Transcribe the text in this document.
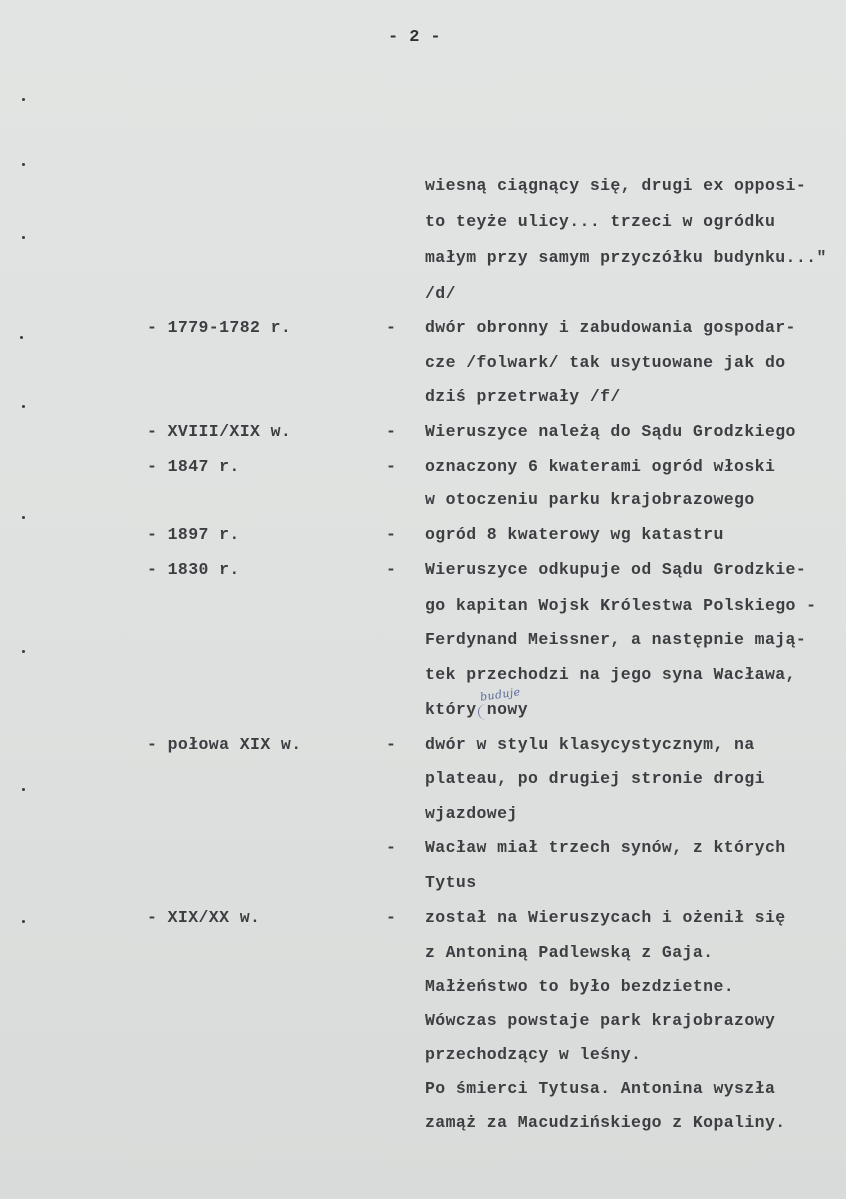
- 2 -
wiesną ciągnący się, drugi ex opposi-
to teyże ulicy... trzeci w ogródku
małym przy samym przyczółku budynku..."
/d/
- 1779-1782 r.	- dwór obronny i zabudowania gospodar-
cze /folwark/ tak usytuowane jak do
dziś przetrwały /f/
- XVIII/XIX w.	- Wieruszyce należą do Sądu Grodzkiego
- 1847 r.	- oznaczony 6 kwaterami ogród włoski
w otoczeniu parku krajobrazowego
- 1897 r.	- ogród 8 kwaterowy wg katastru
- 1830 r.	- Wieruszyce odkupuje od Sądu Grodzkie-
go kapitan Wojsk Królestwa Polskiego -
Ferdynand Meissner, a następnie mają-
tek przechodzi na jego syna Wacława,
który nowy
buduje
- połowa XIX w.	- dwór w stylu klasycystycznym, na
plateau, po drugiej stronie drogi
wjazdowej
- Wacław miał trzech synów, z których
Tytus
- XIX/XX w.	- został na Wieruszycach i ożenił się
z Antoniną Padlewską z Gaja.
Małżeństwo to było bezdzietne.
Wówczas powstaje park krajobrazowy
przechodzący w leśny.
Po śmierci Tytusa. Antonina wyszła
zamąż za Macudzińskiego z Kopaliny.
